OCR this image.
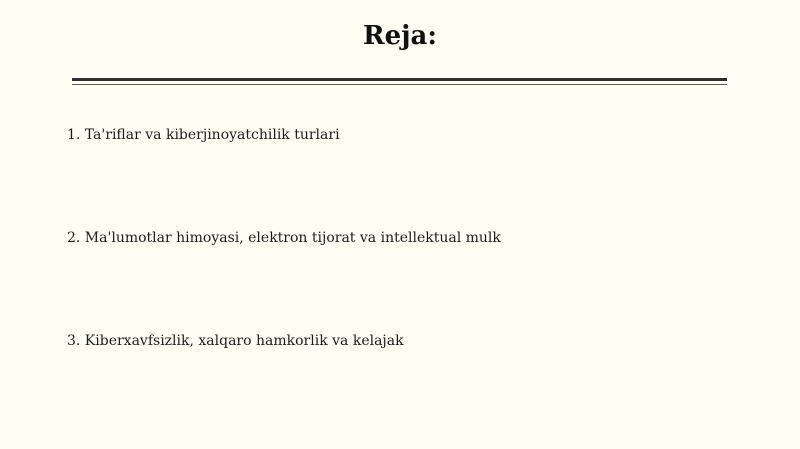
Reja:
1. Ta'riflar va kiberjinoyatchilik turlari
2. Ma'lumotlar himoyasi, elektron tijorat va intellektual mulk
3. Kiberxavfsizlik, xalqaro hamkorlik va kelajak
